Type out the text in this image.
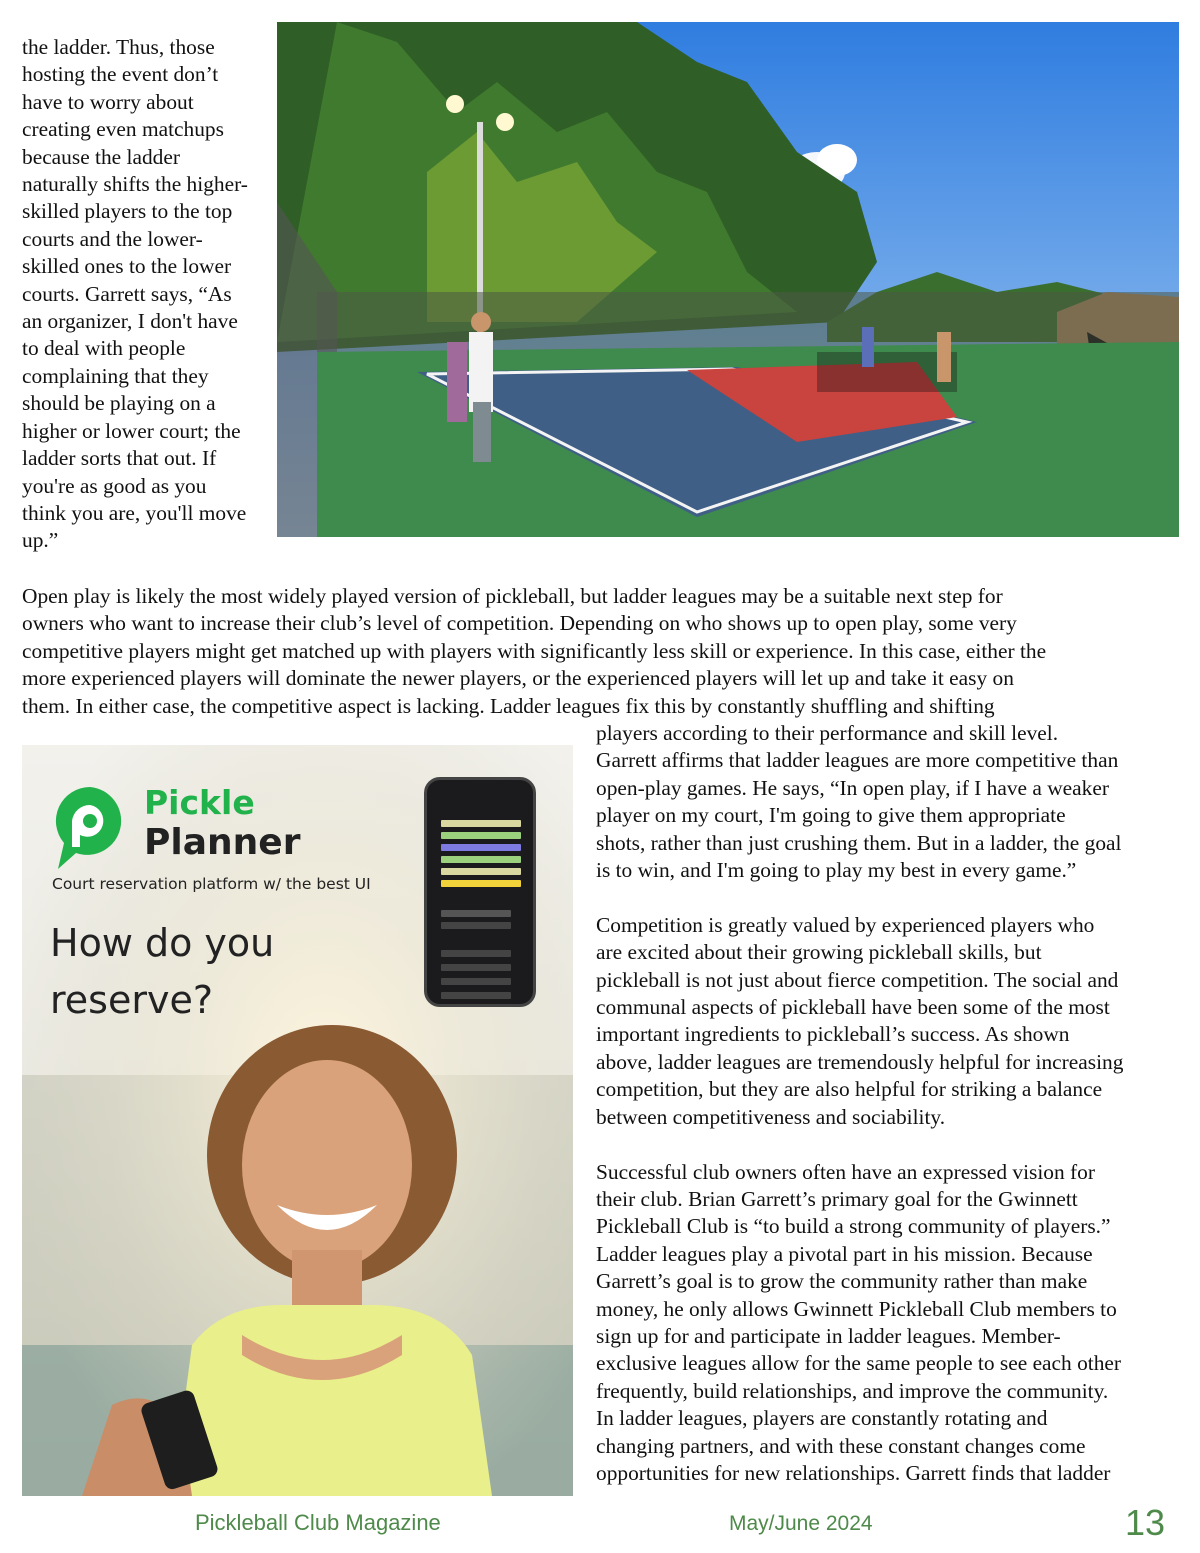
the ladder. Thus, those
hosting the event don’t
have to worry about
creating even matchups
because the ladder
naturally shifts the higher-
skilled players to the top
courts and the lower-
skilled ones to the lower
courts. Garrett says, “As
an organizer, I don't have
to deal with people
complaining that they
should be playing on a
higher or lower court; the
ladder sorts that out. If
you're as good as you
think you are, you'll move
up.”
Open play is likely the most widely played version of pickleball, but ladder leagues may be a suitable next step for
owners who want to increase their club’s level of competition. Depending on who shows up to open play, some very
competitive players might get matched up with players with significantly less skill or experience. In this case, either the
more experienced players will dominate the newer players, or the experienced players will let up and take it easy on
them. In either case, the competitive aspect is lacking. Ladder leagues fix this by constantly shuffling and shifting
Pickle
Planner
Court reservation platform w/ the best UI
How do you
reserve?
players according to their performance and skill level.
Garrett affirms that ladder leagues are more competitive than
open-play games. He says, “In open play, if I have a weaker
player on my court, I'm going to give them appropriate
shots, rather than just crushing them. But in a ladder, the goal
is to win, and I'm going to play my best in every game.”

Competition is greatly valued by experienced players who
are excited about their growing pickleball skills, but
pickleball is not just about fierce competition. The social and
communal aspects of pickleball have been some of the most
important ingredients to pickleball’s success. As shown
above, ladder leagues are tremendously helpful for increasing
competition, but they are also helpful for striking a balance
between competitiveness and sociability.

Successful club owners often have an expressed vision for
their club. Brian Garrett’s primary goal for the Gwinnett
Pickleball Club is “to build a strong community of players.”
Ladder leagues play a pivotal part in his mission. Because
Garrett’s goal is to grow the community rather than make
money, he only allows Gwinnett Pickleball Club members to
sign up for and participate in ladder leagues. Member-
exclusive leagues allow for the same people to see each other
frequently, build relationships, and improve the community.
In ladder leagues, players are constantly rotating and
changing partners, and with these constant changes come
opportunities for new relationships. Garrett finds that ladder
Pickleball Club Magazine	May/June 2024	13
